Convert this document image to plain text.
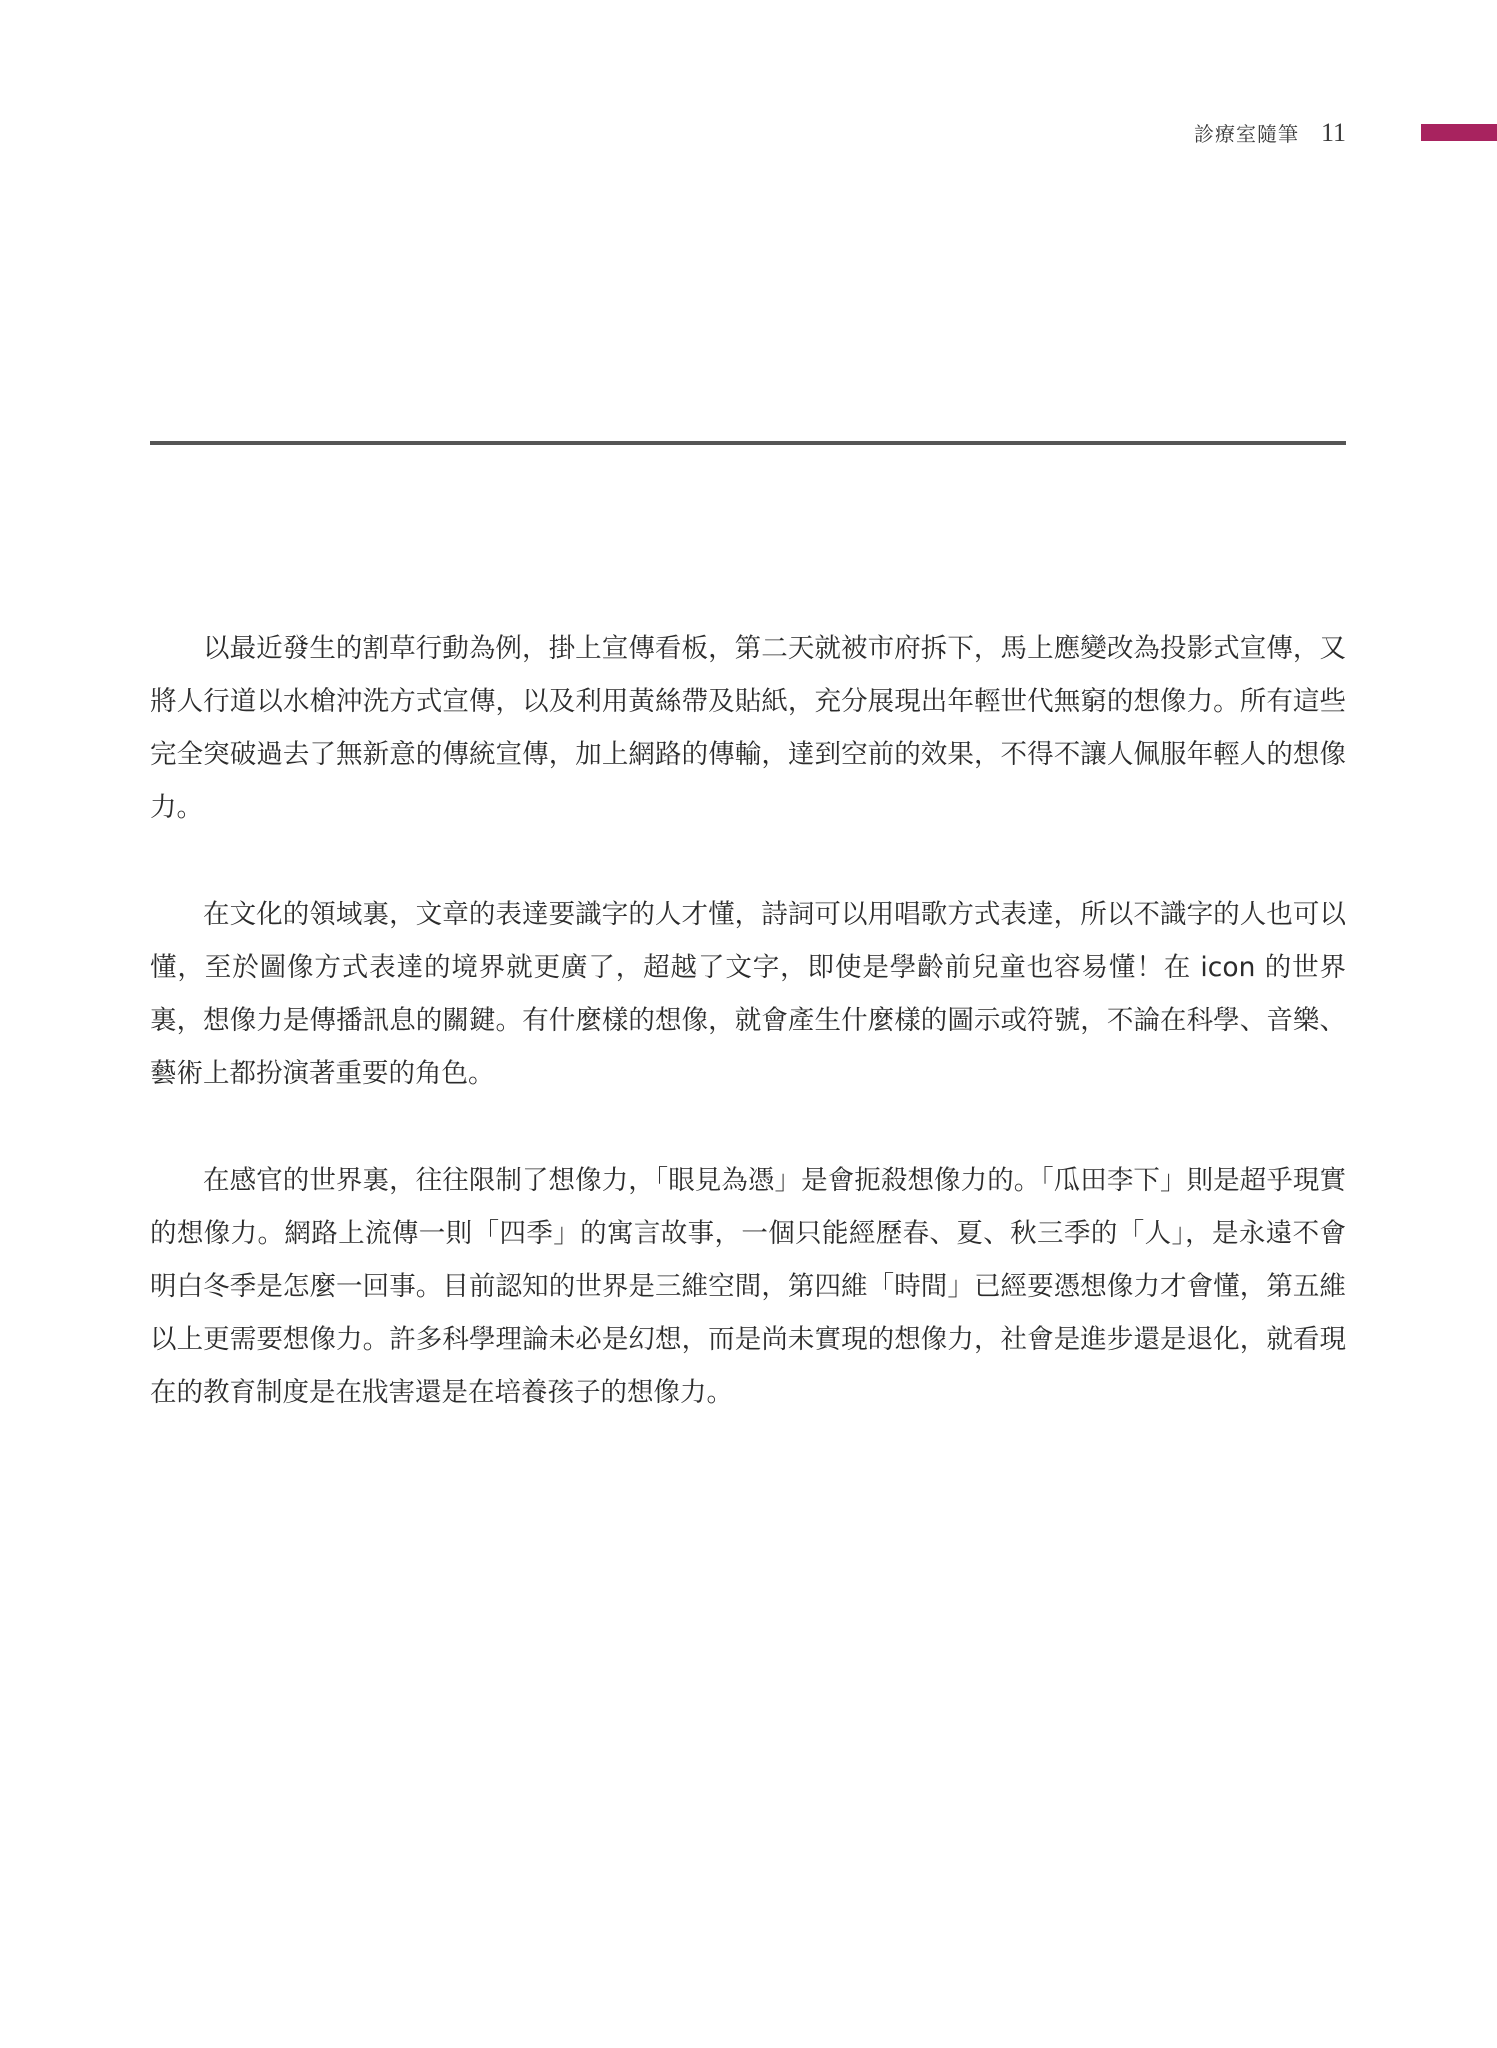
診療室隨筆 11

以最近發生的割草行動為例，掛上宣傳看板，第二天就被市府拆下，馬上應變改為投影式宣傳，又將人行道以水槍沖洗方式宣傳，以及利用黃絲帶及貼紙，充分展現出年輕世代無窮的想像力。所有這些完全突破過去了無新意的傳統宣傳，加上網路的傳輸，達到空前的效果，不得不讓人佩服年輕人的想像力。

在文化的領域裏，文章的表達要識字的人才懂，詩詞可以用唱歌方式表達，所以不識字的人也可以懂，至於圖像方式表達的境界就更廣了，超越了文字，即使是學齡前兒童也容易懂！在 icon 的世界裏，想像力是傳播訊息的關鍵。有什麼樣的想像，就會產生什麼樣的圖示或符號，不論在科學、音樂、藝術上都扮演著重要的角色。

在感官的世界裏，往往限制了想像力，「眼見為憑」是會扼殺想像力的。「瓜田李下」則是超乎現實的想像力。網路上流傳一則「四季」的寓言故事，一個只能經歷春、夏、秋三季的「人」，是永遠不會明白冬季是怎麼一回事。目前認知的世界是三維空間，第四維「時間」已經要憑想像力才會懂，第五維以上更需要想像力。許多科學理論未必是幻想，而是尚未實現的想像力，社會是進步還是退化，就看現在的教育制度是在戕害還是在培養孩子的想像力。
